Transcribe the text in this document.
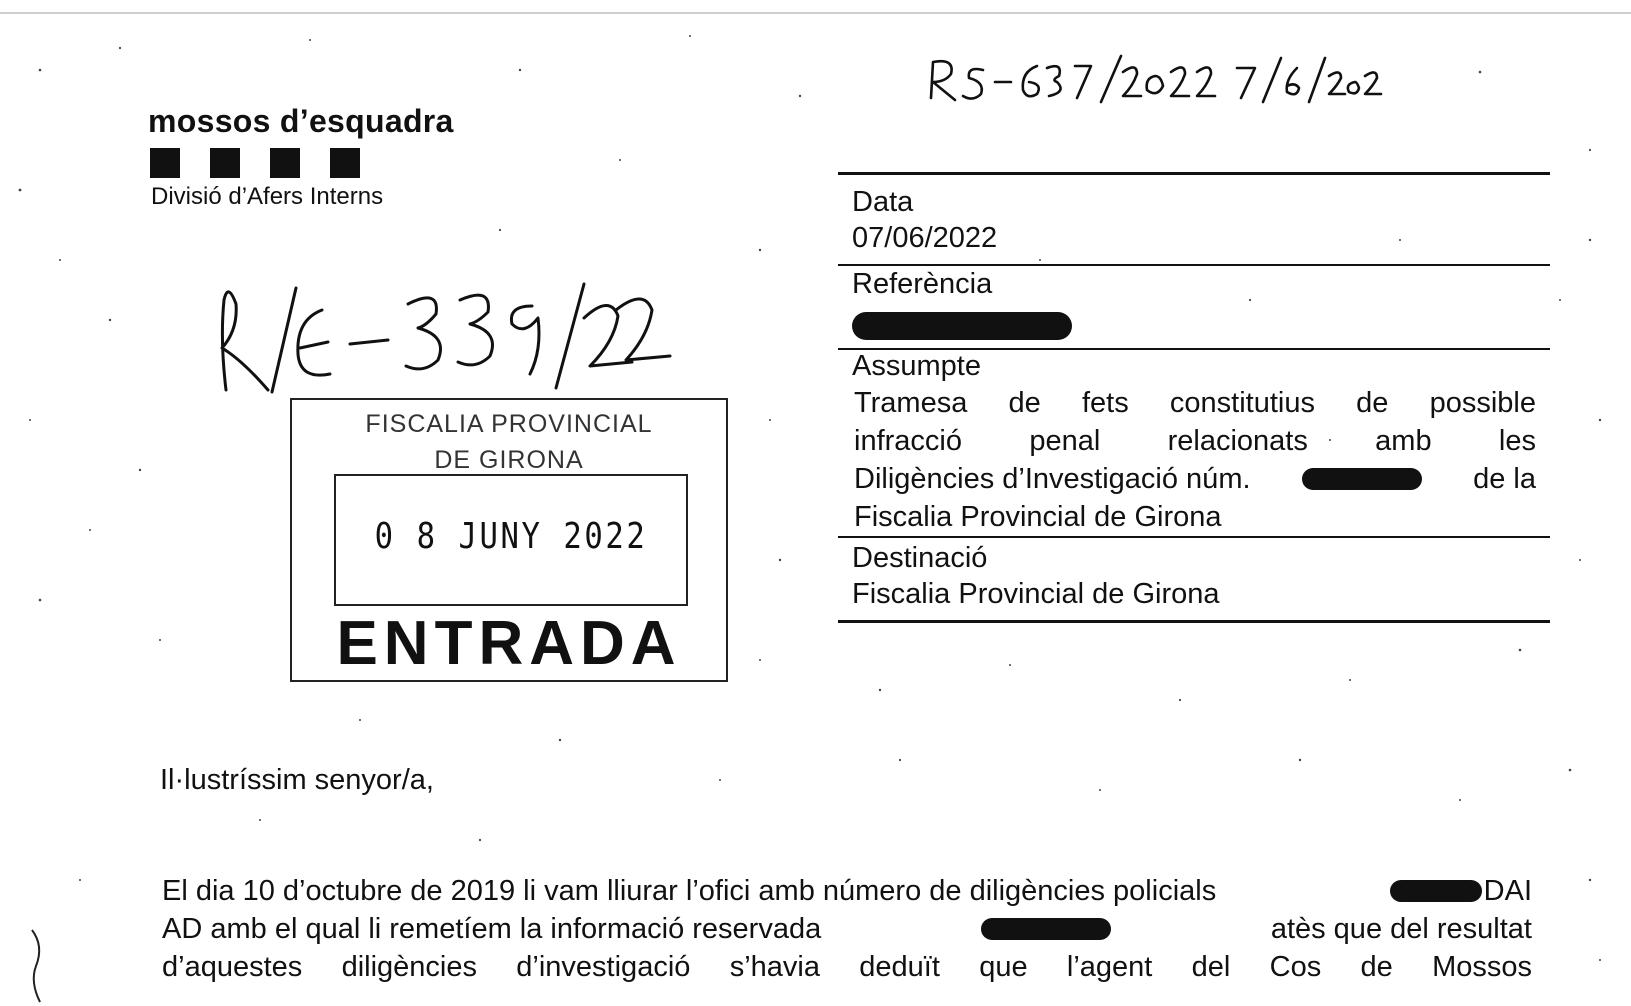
mossos d’esquadra
Divisió d’Afers Interns
FISCALIA PROVINCIAL
DE GIRONA
0 8 JUNY 2022
ENTRADA
Data
07/06/2022
Referència
Assumpte
Tramesa de fets constitutius de possible
infracció penal relacionats amb les
Diligències d’Investigació núm.	de la
Fiscalia Provincial de Girona
Destinació
Fiscalia Provincial de Girona
Il·lustríssim senyor/a,
El dia 10 d’octubre de 2019 li vam lliurar l’ofici amb número de diligències policials	DAI
AD amb el qual li remetíem la informació reservada	atès que del resultat
d’aquestes diligències d’investigació s’havia deduït que l’agent del Cos de Mossos
